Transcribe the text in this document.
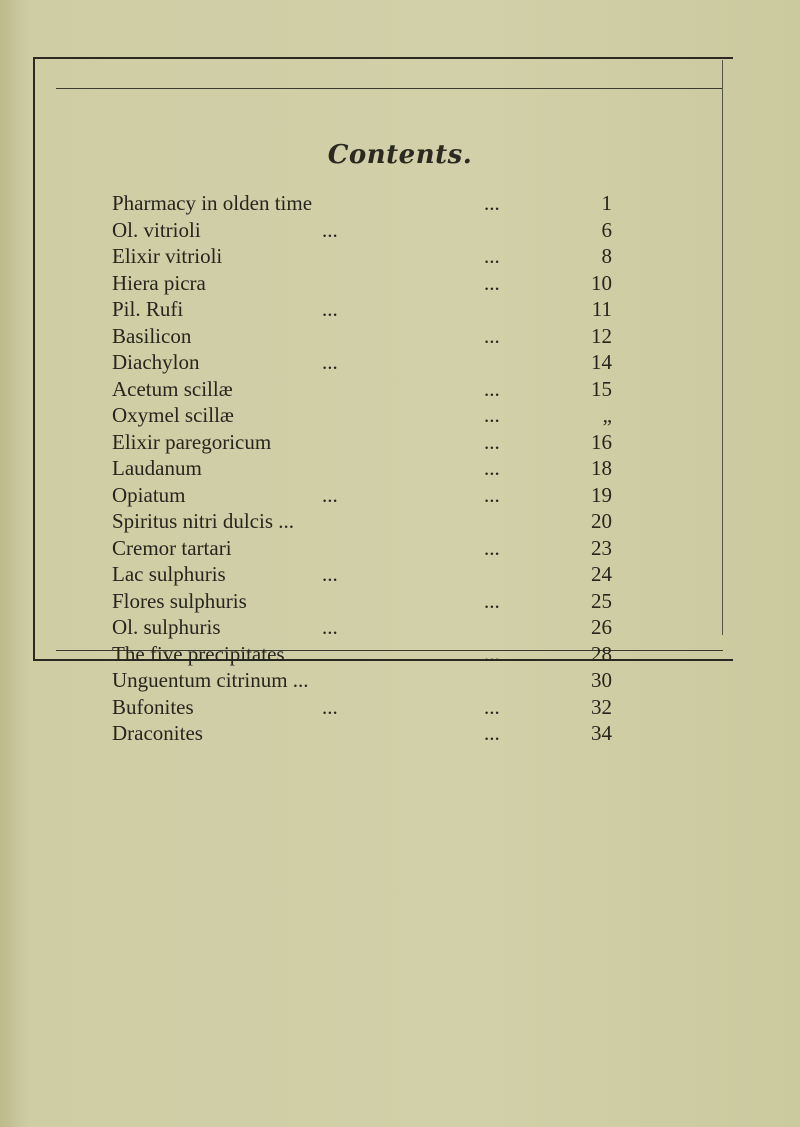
Contents.
Pharmacy in olden time	...	1
Ol. vitrioli	...	6
Elixir vitrioli	...	8
Hiera picra	...	10
Pil. Rufi	...	11
Basilicon	...	12
Diachylon	...	14
Acetum scillæ	...	15
Oxymel scillæ	...	„
Elixir paregoricum	...	16
Laudanum	...	18
Opiatum	...	...	19
Spiritus nitri dulcis ...	20
Cremor tartari	...	23
Lac sulphuris	...	24
Flores sulphuris	...	25
Ol. sulphuris	...	26
The five precipitates	...	28
Unguentum citrinum ...	30
Bufonites	...	...	32
Draconites	...	34
